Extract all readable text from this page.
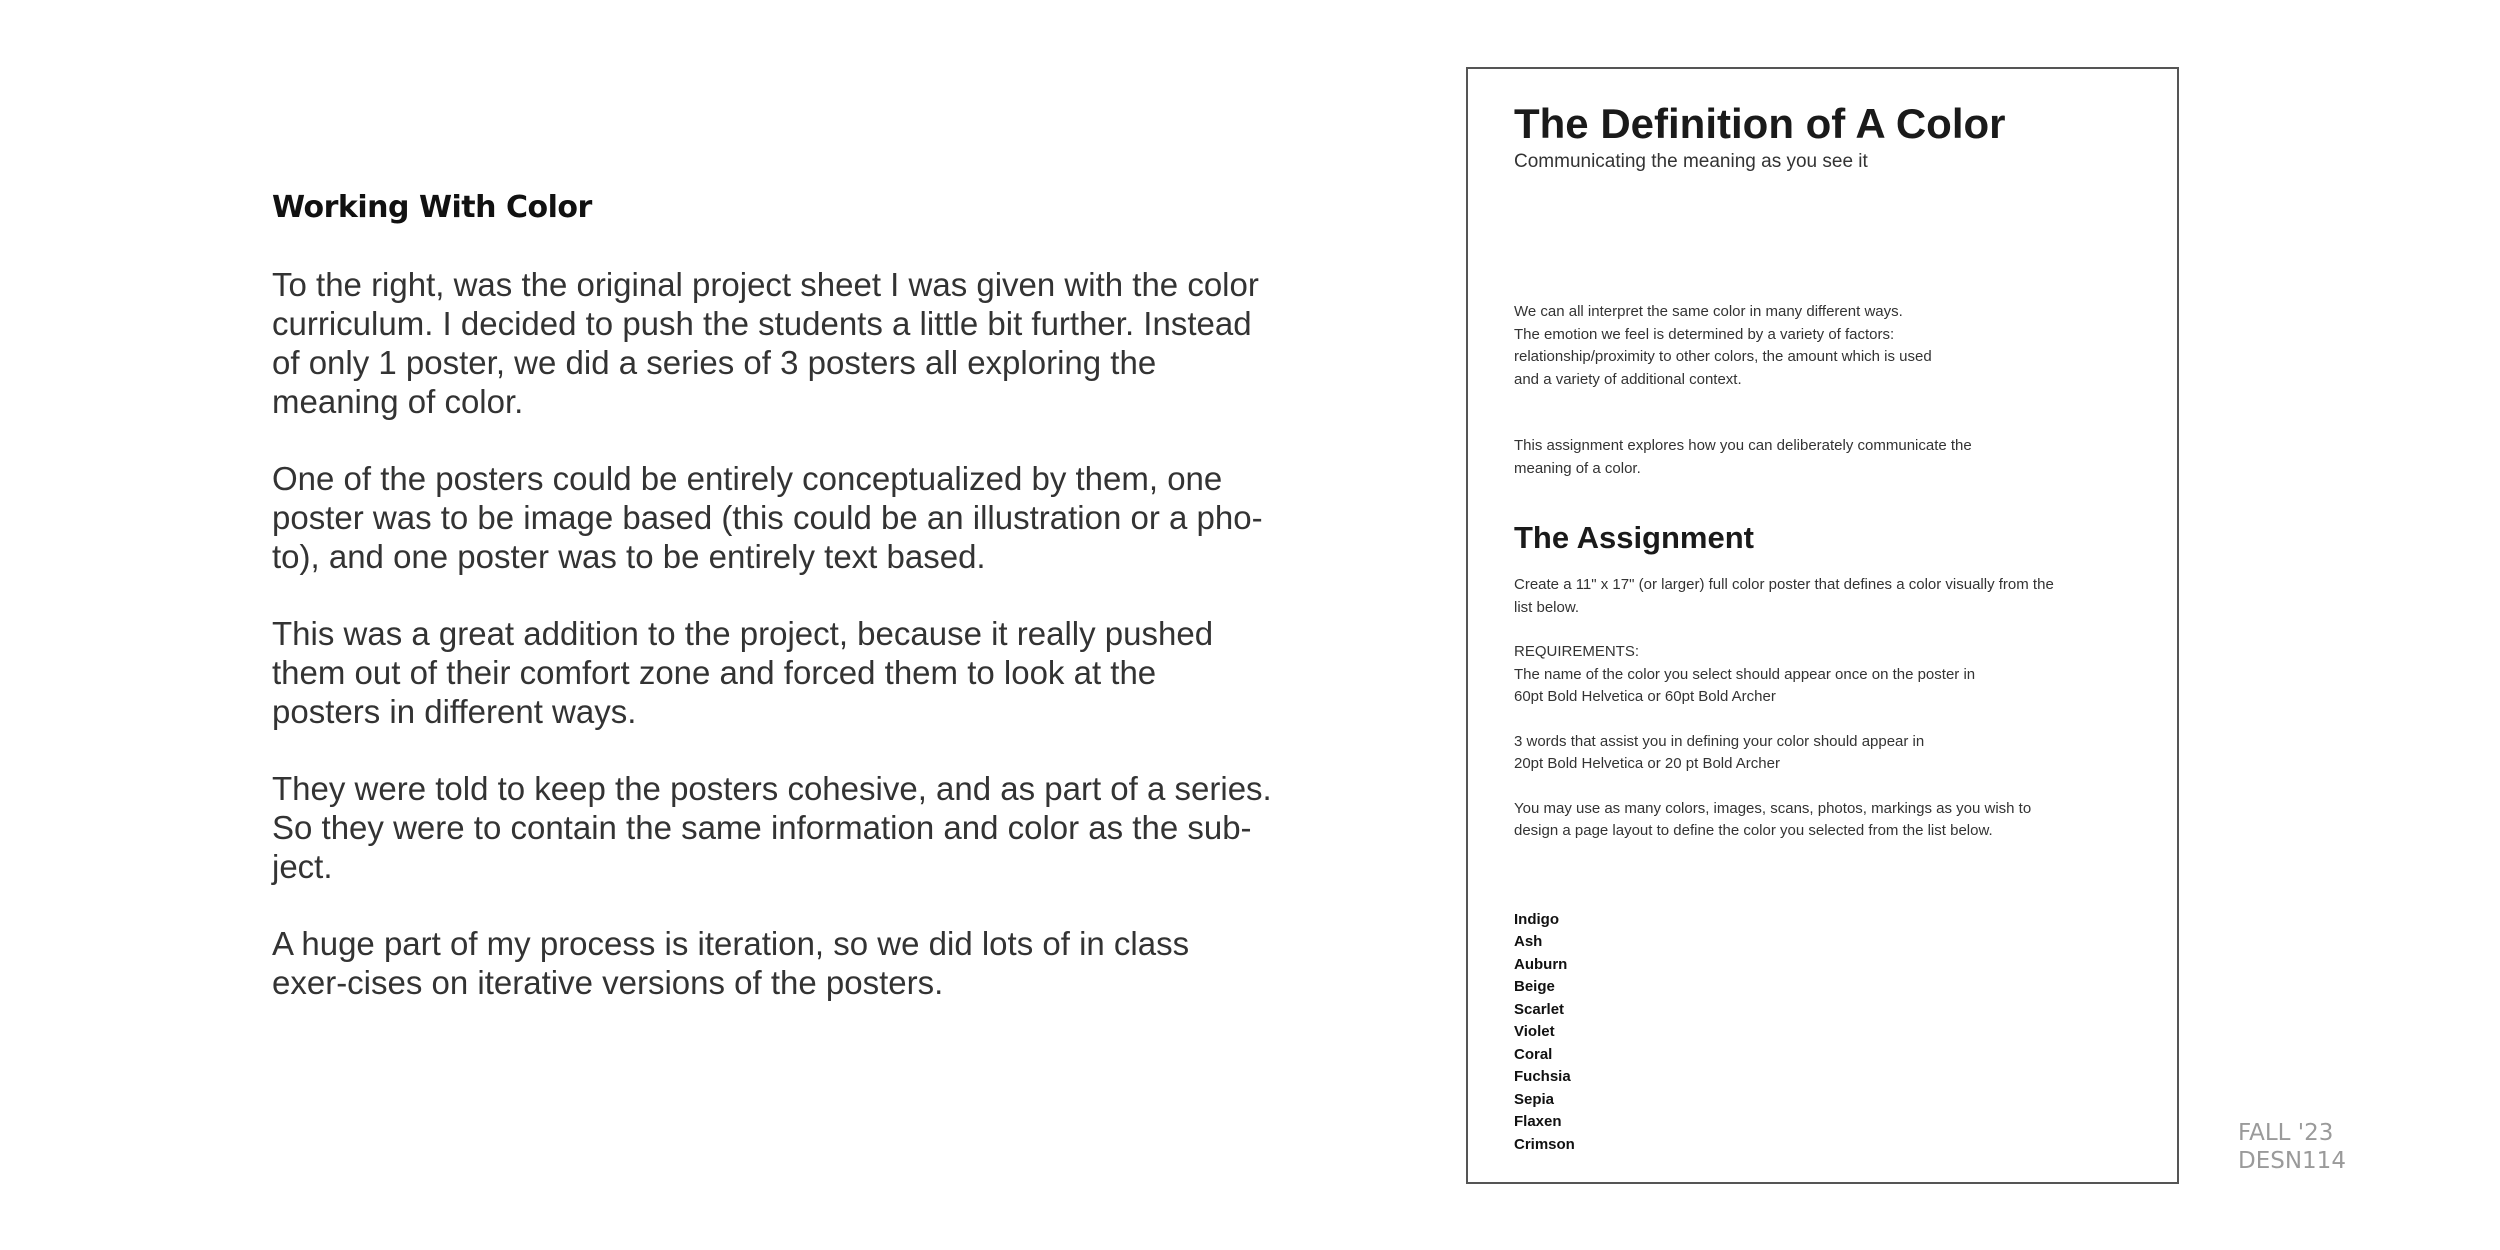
Working With Color

To the right, was the original project sheet I was given with the color curriculum. I decided to push the students a little bit further. Instead of only 1 poster, we did a series of 3 posters all exploring the meaning of color.

One of the posters could be entirely conceptualized by them, one poster was to be image based (this could be an illustration or a pho-to), and one poster was to be entirely text based.

This was a great addition to the project, because it really pushed them out of their comfort zone and forced them to look at the posters in different ways.

They were told to keep the posters cohesive, and as part of a series. So they were to contain the same information and color as the sub-ject.

A huge part of my process is iteration, so we did lots of in class exer-cises on iterative versions of the posters.

The Definition of A Color
Communicating the meaning as you see it
We can all interpret the same color in many different ways.
The emotion we feel is determined by a variety of factors:
relationship/proximity to other colors, the amount which is used
and a variety of additional context.
This assignment explores how you can deliberately communicate the
meaning of a color.
The Assignment
Create a 11" x 17" (or larger) full color poster that defines a color visually from the
list below.
REQUIREMENTS:
The name of the color you select should appear once on the poster in
60pt Bold Helvetica or 60pt Bold Archer
3 words that assist you in defining your color should appear in
20pt Bold Helvetica or 20 pt Bold Archer
You may use as many colors, images, scans, photos, markings as you wish to
design a page layout to define the color you selected from the list below.
Indigo
Ash
Auburn
Beige
Scarlet
Violet
Coral
Fuchsia
Sepia
Flaxen
Crimson	FALL '23
DESN114
